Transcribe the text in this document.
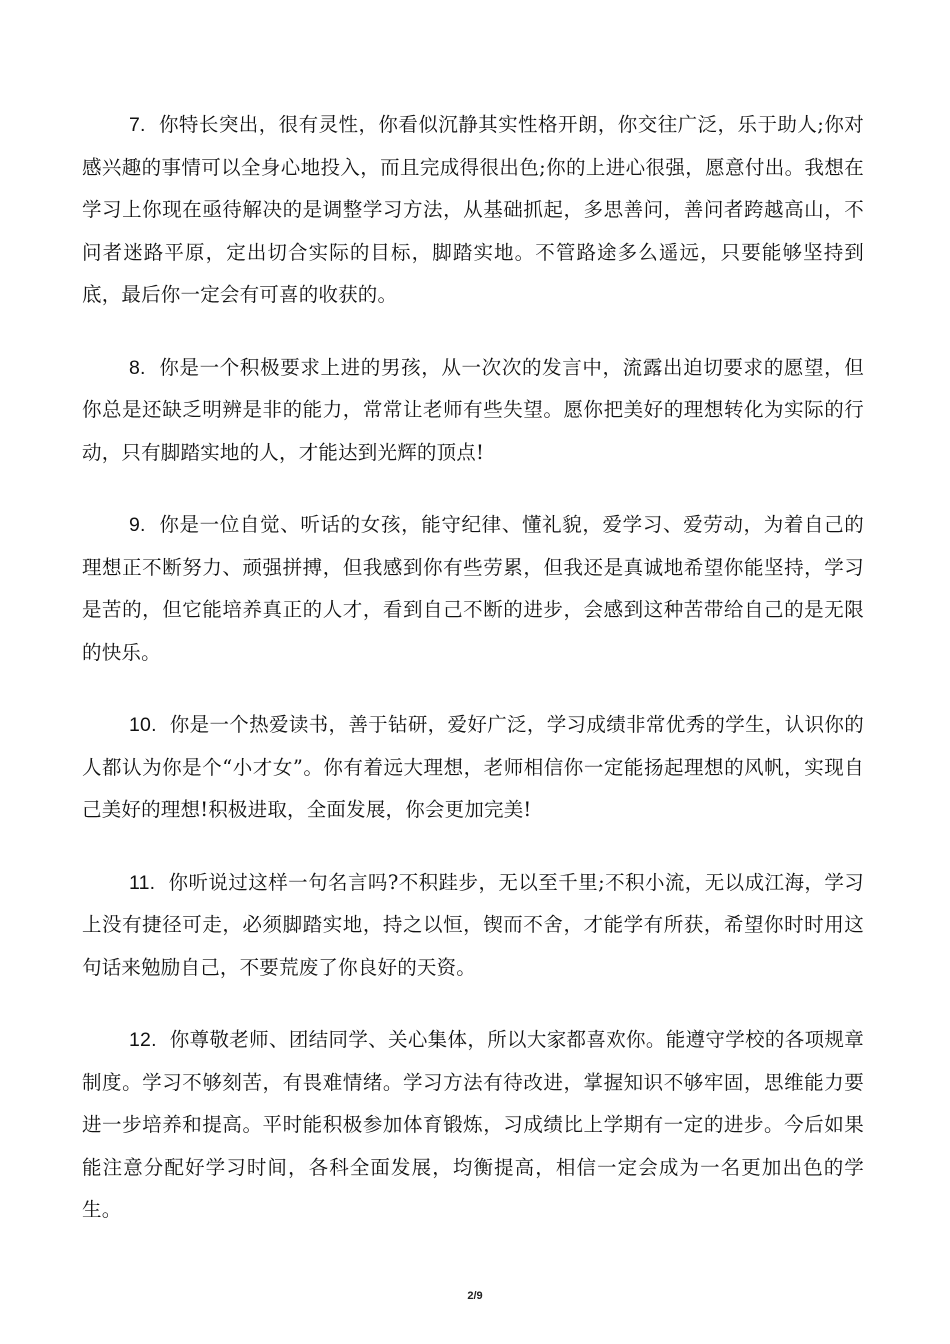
7. 你特长突出，很有灵性，你看似沉静其实性格开朗，你交往广泛，乐于助人;你对感兴趣的事情可以全身心地投入，而且完成得很出色;你的上进心很强，愿意付出。我想在学习上你现在亟待解决的是调整学习方法，从基础抓起，多思善问，善问者跨越高山，不问者迷路平原，定出切合实际的目标，脚踏实地。不管路途多么遥远，只要能够坚持到底，最后你一定会有可喜的收获的。

8. 你是一个积极要求上进的男孩，从一次次的发言中，流露出迫切要求的愿望，但你总是还缺乏明辨是非的能力，常常让老师有些失望。愿你把美好的理想转化为实际的行动，只有脚踏实地的人，才能达到光辉的顶点!

9. 你是一位自觉、听话的女孩，能守纪律、懂礼貌，爱学习、爱劳动，为着自己的理想正不断努力、顽强拼搏，但我感到你有些劳累，但我还是真诚地希望你能坚持，学习是苦的，但它能培养真正的人才，看到自己不断的进步，会感到这种苦带给自己的是无限的快乐。

10. 你是一个热爱读书，善于钻研，爱好广泛，学习成绩非常优秀的学生，认识你的人都认为你是个“小才女”。你有着远大理想，老师相信你一定能扬起理想的风帆，实现自己美好的理想!积极进取，全面发展，你会更加完美!

11. 你听说过这样一句名言吗?不积跬步，无以至千里;不积小流，无以成江海，学习上没有捷径可走，必须脚踏实地，持之以恒，锲而不舍，才能学有所获，希望你时时用这句话来勉励自己，不要荒废了你良好的天资。

12. 你尊敬老师、团结同学、关心集体，所以大家都喜欢你。能遵守学校的各项规章制度。学习不够刻苦，有畏难情绪。学习方法有待改进，掌握知识不够牢固，思维能力要进一步培养和提高。平时能积极参加体育锻炼，习成绩比上学期有一定的进步。今后如果能注意分配好学习时间，各科全面发展，均衡提高，相信一定会成为一名更加出色的学生。

2/9
